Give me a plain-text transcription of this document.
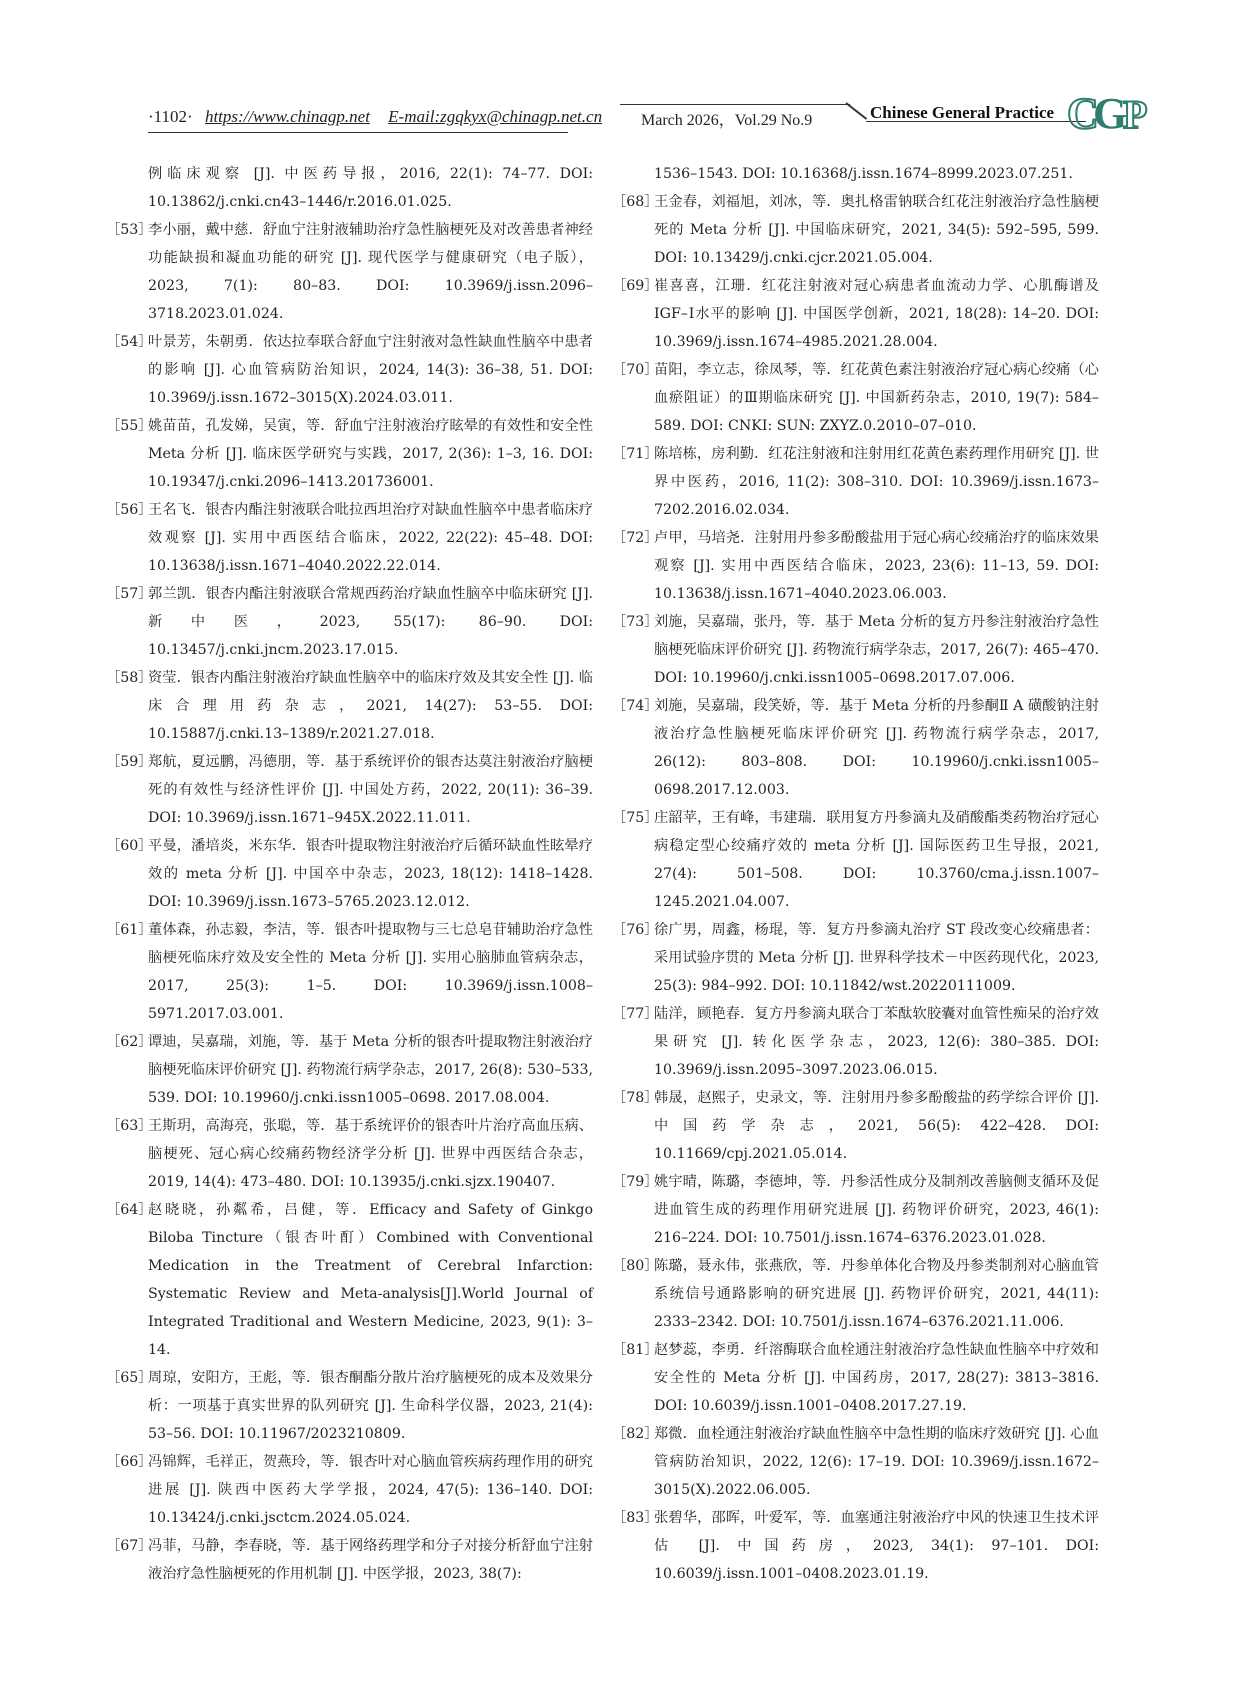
·1102· https://www.chinagp.net E-mail:zgqkyx@chinagp.net.cn March 2026，Vol.29 No.9	Chinese General Practice C
G
P
例临床观察 [J]. 中医药导报，2016, 22(1): 74–77. DOI: 10.13862/j.cnki.cn43–1446/r.2016.01.025.
［53］
李小丽，戴中慈．舒血宁注射液辅助治疗急性脑梗死及对改善患者神经功能缺损和凝血功能的研究 [J]. 现代医学与健康研究（电子版），2023, 7(1): 80–83. DOI: 10.3969/j.issn.2096–3718.2023.01.024.
［54］
叶景芳，朱朝勇．依达拉奉联合舒血宁注射液对急性缺血性脑卒中患者的影响 [J]. 心血管病防治知识，2024, 14(3): 36–38, 51. DOI: 10.3969/j.issn.1672–3015(X).2024.03.011.
［55］
姚苗苗，孔发娣，吴寅，等．舒血宁注射液治疗眩晕的有效性和安全性 Meta 分析 [J]. 临床医学研究与实践，2017, 2(36): 1–3, 16. DOI: 10.19347/j.cnki.2096–1413.201736001.
［56］
王名飞．银杏内酯注射液联合吡拉西坦治疗对缺血性脑卒中患者临床疗效观察 [J]. 实用中西医结合临床，2022, 22(22): 45–48. DOI: 10.13638/j.issn.1671–4040.2022.22.014.
［57］
郭兰凯．银杏内酯注射液联合常规西药治疗缺血性脑卒中临床研究 [J]. 新中医，2023, 55(17): 86–90. DOI: 10.13457/j.cnki.jncm.2023.17.015.
［58］
资莹．银杏内酯注射液治疗缺血性脑卒中的临床疗效及其安全性 [J]. 临床合理用药杂志，2021, 14(27): 53–55. DOI: 10.15887/j.cnki.13–1389/r.2021.27.018.
［59］
郑航，夏远鹏，冯德朋，等．基于系统评价的银杏达莫注射液治疗脑梗死的有效性与经济性评价 [J]. 中国处方药，2022, 20(11): 36–39. DOI: 10.3969/j.issn.1671–945X.2022.11.011.
［60］
平曼，潘培炎，米东华．银杏叶提取物注射液治疗后循环缺血性眩晕疗效的 meta 分析 [J]. 中国卒中杂志，2023, 18(12): 1418–1428. DOI: 10.3969/j.issn.1673–5765.2023.12.012.
［61］
董体森，孙志毅，李洁，等．银杏叶提取物与三七总皂苷辅助治疗急性脑梗死临床疗效及安全性的 Meta 分析 [J]. 实用心脑肺血管病杂志，2017, 25(3): 1–5. DOI: 10.3969/j.issn.1008–5971.2017.03.001.
［62］
谭迪，吴嘉瑞，刘施，等．基于 Meta 分析的银杏叶提取物注射液治疗脑梗死临床评价研究 [J]. 药物流行病学杂志，2017, 26(8): 530–533, 539. DOI: 10.19960/j.cnki.issn1005–0698. 2017.08.004.
［63］
王斯玥，高海亮，张聪，等．基于系统评价的银杏叶片治疗高血压病、脑梗死、冠心病心绞痛药物经济学分析 [J]. 世界中西医结合杂志，2019, 14(4): 473–480. DOI: 10.13935/j.cnki.sjzx.190407.
［64］
赵晓晓，孙粼希，吕健，等．Efficacy and Safety of Ginkgo Biloba Tincture（银杏叶酊）Combined with Conventional Medication in the Treatment of Cerebral Infarction: Systematic Review and Meta-analysis[J].World Journal of Integrated Traditional and Western Medicine, 2023, 9(1): 3–14.
［65］
周琼，安阳方，王彪，等．银杏酮酯分散片治疗脑梗死的成本及效果分析：一项基于真实世界的队列研究 [J]. 生命科学仪器，2023, 21(4): 53–56. DOI: 10.11967/2023210809.
［66］
冯锦辉，毛祥正，贺燕玲，等．银杏叶对心脑血管疾病药理作用的研究进展 [J]. 陕西中医药大学学报，2024, 47(5): 136–140. DOI: 10.13424/j.cnki.jsctcm.2024.05.024.
［67］
冯菲，马静，李春晓，等．基于网络药理学和分子对接分析舒血宁注射液治疗急性脑梗死的作用机制 [J]. 中医学报，2023, 38(7):
1536–1543. DOI: 10.16368/j.issn.1674–8999.2023.07.251.
［68］
王金春，刘福旭，刘冰，等．奥扎格雷钠联合红花注射液治疗急性脑梗死的 Meta 分析 [J]. 中国临床研究，2021, 34(5): 592–595, 599. DOI: 10.13429/j.cnki.cjcr.2021.05.004.
［69］
崔喜喜，江珊．红花注射液对冠心病患者血流动力学、心肌酶谱及 IGF–Ⅰ水平的影响 [J]. 中国医学创新，2021, 18(28): 14–20. DOI: 10.3969/j.issn.1674–4985.2021.28.004.
［70］
苗阳，李立志，徐凤琴，等．红花黄色素注射液治疗冠心病心绞痛（心血瘀阻证）的Ⅲ期临床研究 [J]. 中国新药杂志，2010, 19(7): 584–589. DOI: CNKI: SUN: ZXYZ.0.2010–07–010.
［71］
陈培栋，房利勤．红花注射液和注射用红花黄色素药理作用研究 [J]. 世界中医药，2016, 11(2): 308–310. DOI: 10.3969/j.issn.1673–7202.2016.02.034.
［72］
卢甲，马培尧．注射用丹参多酚酸盐用于冠心病心绞痛治疗的临床效果观察 [J]. 实用中西医结合临床，2023, 23(6): 11–13, 59. DOI: 10.13638/j.issn.1671–4040.2023.06.003.
［73］
刘施，吴嘉瑞，张丹，等．基于 Meta 分析的复方丹参注射液治疗急性脑梗死临床评价研究 [J]. 药物流行病学杂志，2017, 26(7): 465–470. DOI: 10.19960/j.cnki.issn1005–0698.2017.07.006.
［74］
刘施，吴嘉瑞，段笑娇，等．基于 Meta 分析的丹参酮Ⅱ A 磺酸钠注射液治疗急性脑梗死临床评价研究 [J]. 药物流行病学杂志，2017, 26(12): 803–808. DOI: 10.19960/j.cnki.issn1005–0698.2017.12.003.
［75］
庄韶苹，王有峰，韦建瑞．联用复方丹参滴丸及硝酸酯类药物治疗冠心病稳定型心绞痛疗效的 meta 分析 [J]. 国际医药卫生导报，2021, 27(4): 501–508. DOI: 10.3760/cma.j.issn.1007–1245.2021.04.007.
［76］
徐广男，周鑫，杨琨，等．复方丹参滴丸治疗 ST 段改变心绞痛患者：采用试验序贯的 Meta 分析 [J]. 世界科学技术－中医药现代化，2023, 25(3): 984–992. DOI: 10.11842/wst.20220111009.
［77］
陆洋，顾艳春．复方丹参滴丸联合丁苯酞软胶囊对血管性痴呆的治疗效果研究 [J]. 转化医学杂志，2023, 12(6): 380–385. DOI: 10.3969/j.issn.2095–3097.2023.06.015.
［78］
韩晟，赵熙子，史录文，等．注射用丹参多酚酸盐的药学综合评价 [J]. 中国药学杂志，2021, 56(5): 422–428. DOI: 10.11669/cpj.2021.05.014.
［79］
姚宇晴，陈璐，李德坤，等．丹参活性成分及制剂改善脑侧支循环及促进血管生成的药理作用研究进展 [J]. 药物评价研究，2023, 46(1): 216–224. DOI: 10.7501/j.issn.1674–6376.2023.01.028.
［80］
陈璐，聂永伟，张燕欣，等．丹参单体化合物及丹参类制剂对心脑血管系统信号通路影响的研究进展 [J]. 药物评价研究，2021, 44(11): 2333–2342. DOI: 10.7501/j.issn.1674–6376.2021.11.006.
［81］
赵梦蕊，李勇．纤溶酶联合血栓通注射液治疗急性缺血性脑卒中疗效和安全性的 Meta 分析 [J]. 中国药房，2017, 28(27): 3813–3816. DOI: 10.6039/j.issn.1001–0408.2017.27.19.
［82］
郑微．血栓通注射液治疗缺血性脑卒中急性期的临床疗效研究 [J]. 心血管病防治知识，2022, 12(6): 17–19. DOI: 10.3969/j.issn.1672–3015(X).2022.06.005.
［83］
张碧华，邵晖，叶爱军，等．血塞通注射液治疗中风的快速卫生技术评估 [J]. 中国药房，2023, 34(1): 97–101. DOI: 10.6039/j.issn.1001–0408.2023.01.19.
